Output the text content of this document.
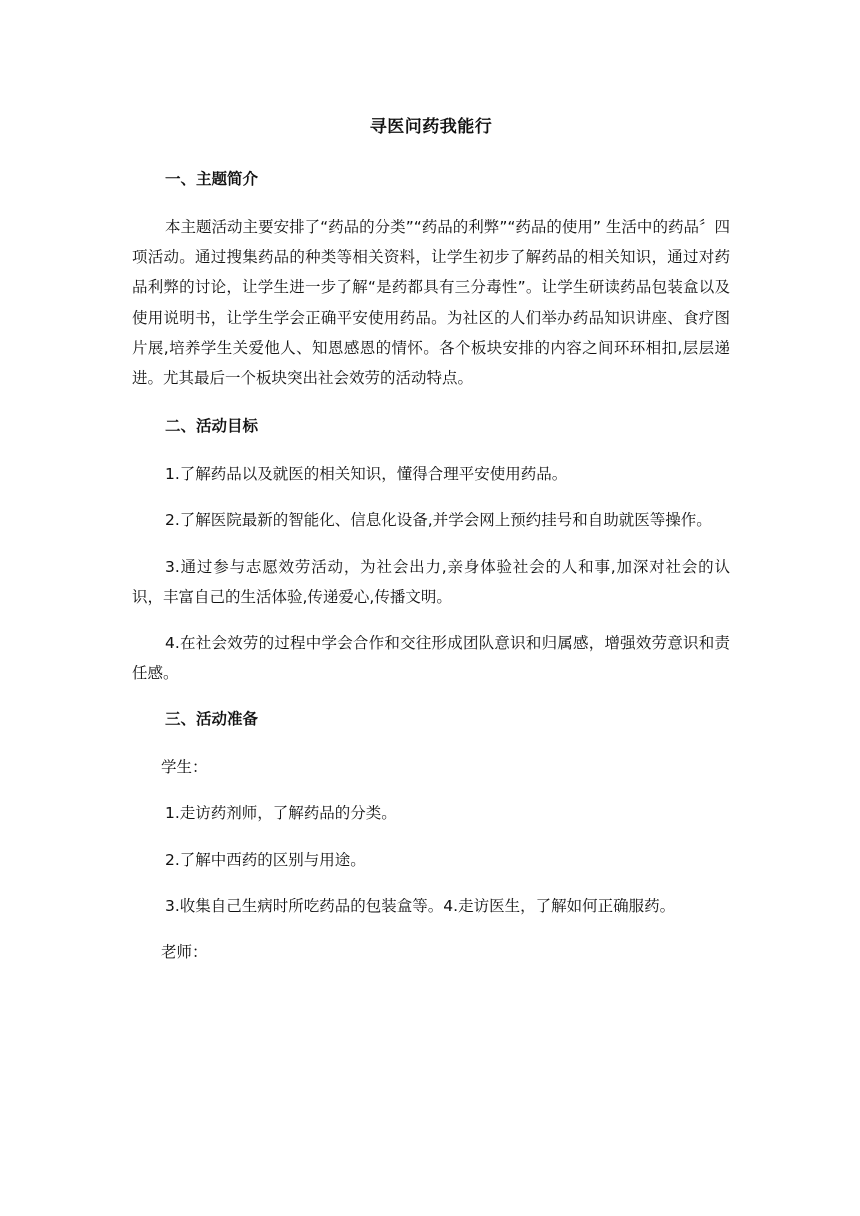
寻医问药我能行
一、主题简介

本主题活动主要安排了“药品的分类”“药品的利弊”“药品的使用” 生活中的药品〞四项活动。通过搜集药品的种类等相关资料，让学生初步了解药品的相关知识，通过对药品利弊的讨论，让学生进一步了解“是药都具有三分毒性”。让学生研读药品包装盒以及使用说明书，让学生学会正确平安使用药品。为社区的人们举办药品知识讲座、食疗图片展,培养学生关爱他人、知恩感恩的情怀。各个板块安排的内容之间环环相扣,层层递进。尤其最后一个板块突出社会效劳的活动特点。

二、活动目标

1.了解药品以及就医的相关知识，懂得合理平安使用药品。

2.了解医院最新的智能化、信息化设备,并学会网上预约挂号和自助就医等操作。

3.通过参与志愿效劳活动，为社会出力,亲身体验社会的人和事,加深对社会的认识，丰富自己的生活体验,传递爱心,传播文明。

4.在社会效劳的过程中学会合作和交往形成团队意识和归属感，增强效劳意识和责任感。

三、活动准备
学生：

1.走访药剂师，了解药品的分类。

2.了解中西药的区别与用途。

3.收集自己生病时所吃药品的包装盒等。4.走访医生，了解如何正确服药。

老师：
